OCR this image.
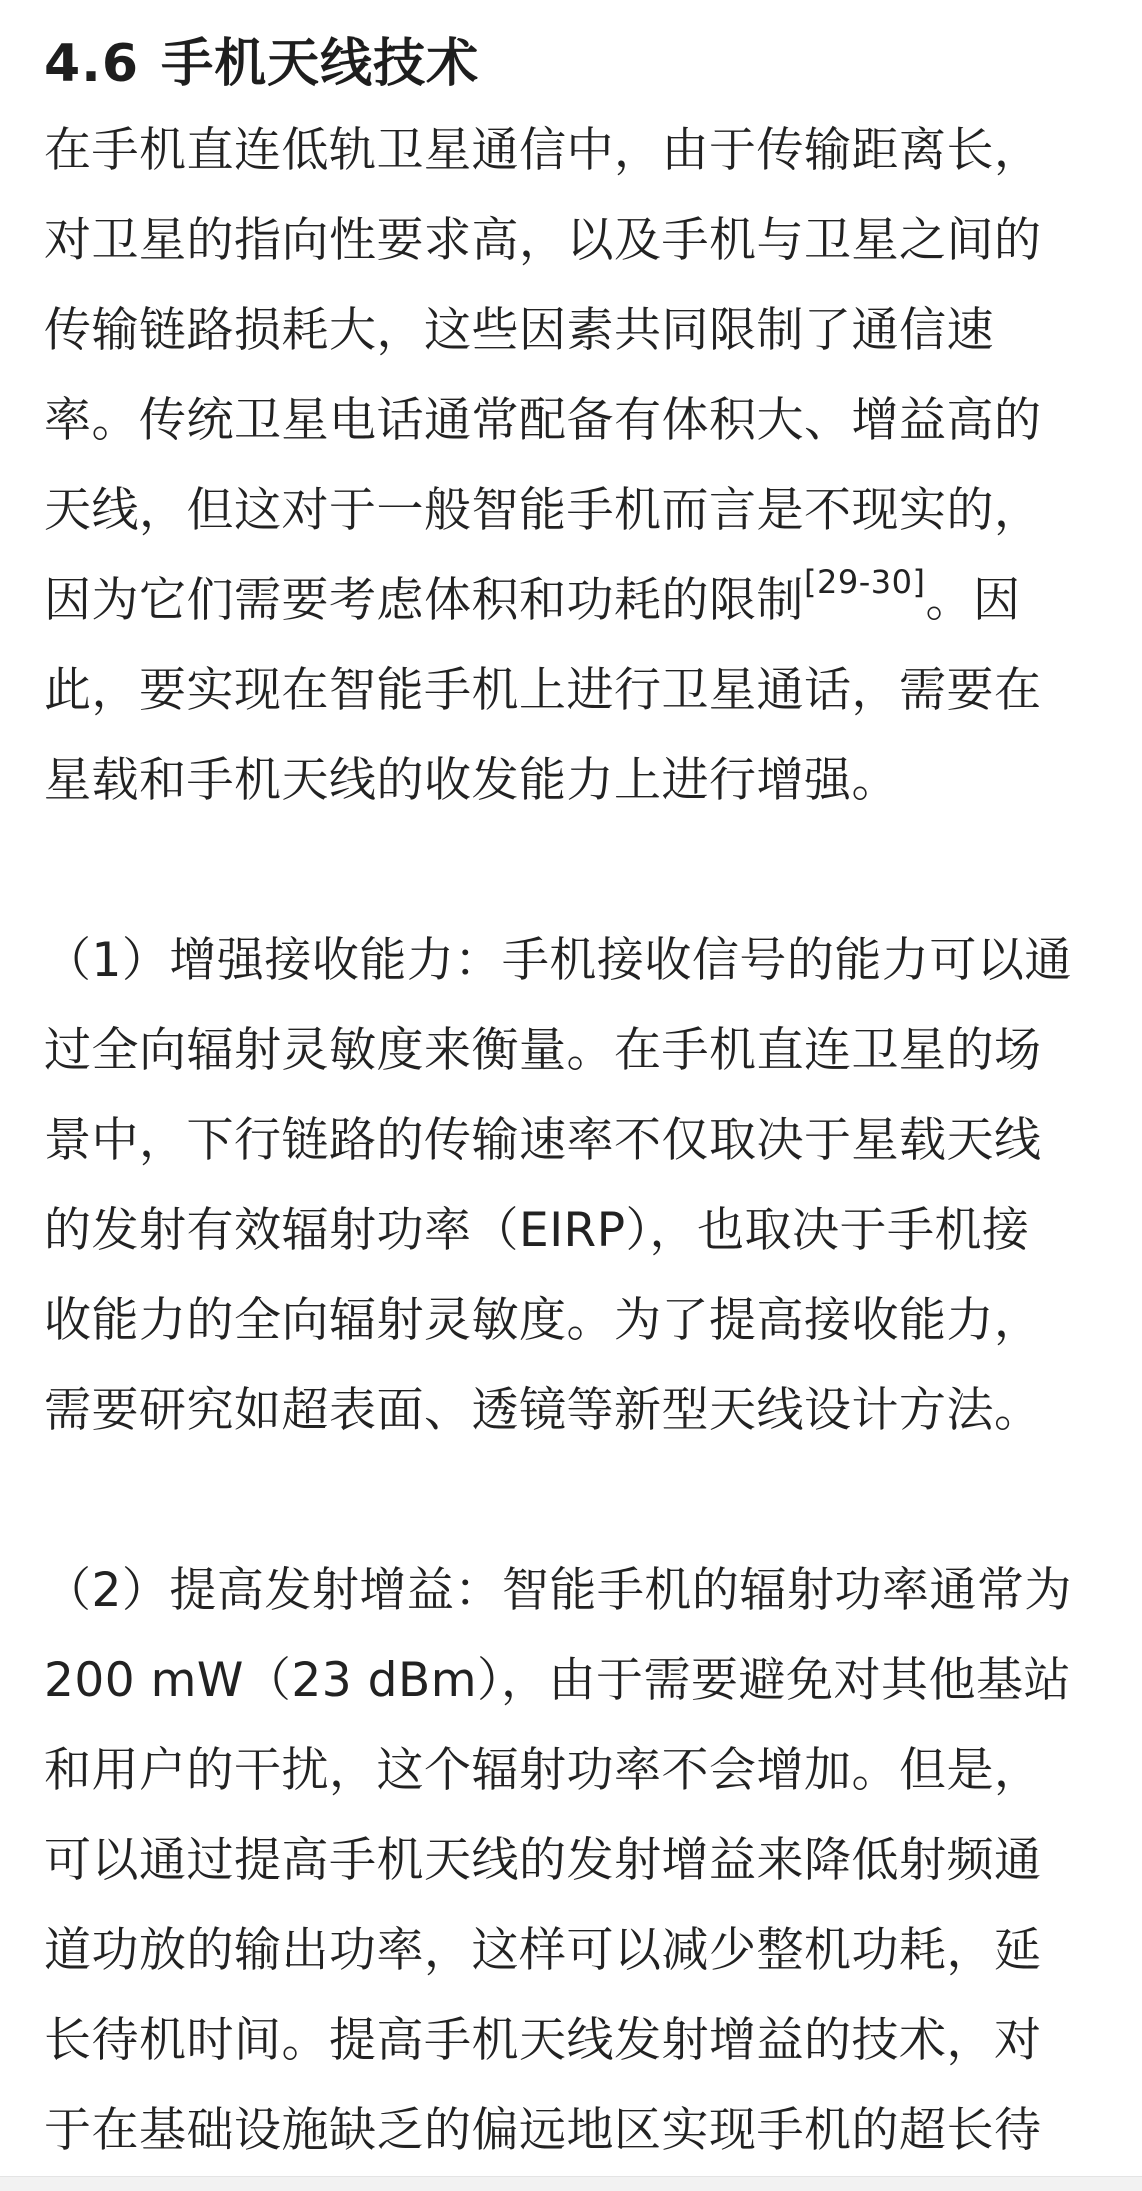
4.6 手机天线技术
在手机直连低轨卫星通信中，由于传输距离长，
对卫星的指向性要求高，以及手机与卫星之间的
传输链路损耗大，这些因素共同限制了通信速
率。传统卫星电话通常配备有体积大、增益高的
天线，但这对于一般智能手机而言是不现实的，
因为它们需要考虑体积和功耗的限制[29-30]。因
此，要实现在智能手机上进行卫星通话，需要在
星载和手机天线的收发能力上进行增强。
（1）增强接收能力：手机接收信号的能力可以通
过全向辐射灵敏度来衡量。在手机直连卫星的场
景中，下行链路的传输速率不仅取决于星载天线
的发射有效辐射功率（EIRP），也取决于手机接
收能力的全向辐射灵敏度。为了提高接收能力，
需要研究如超表面、透镜等新型天线设计方法。
（2）提高发射增益：智能手机的辐射功率通常为
200 mW（23 dBm），由于需要避免对其他基站
和用户的干扰，这个辐射功率不会增加。但是，
可以通过提高手机天线的发射增益来降低射频通
道功放的输出功率，这样可以减少整机功耗，延
长待机时间。提高手机天线发射增益的技术，对
于在基础设施缺乏的偏远地区实现手机的超长待
